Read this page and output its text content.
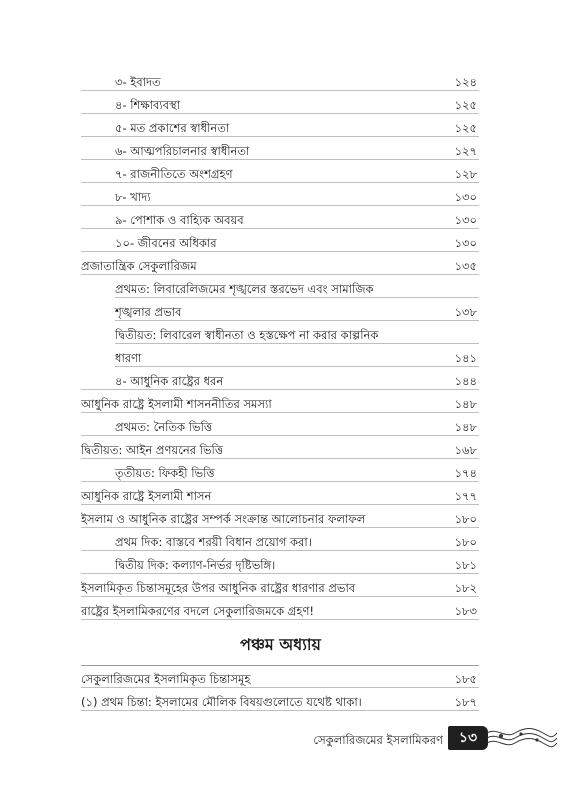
৩- ইবাদত	১২৪
৪- শিক্ষাব্যবস্থা	১২৫
৫- মত প্রকাশের স্বাধীনতা	১২৫
৬- আত্মপরিচালনার স্বাধীনতা	১২৭
৭- রাজনীতিতে অংশগ্রহণ	১২৮
৮- খাদ্য	১৩০
৯- পোশাক ও বাহ্যিক অবয়ব	১৩০
১০- জীবনের অধিকার	১৩০
প্রজাতান্ত্রিক সেকুলারিজম	১৩৫
প্রথমত: লিবারেলিজমের শৃঙ্খলের স্তরভেদ এবং সামাজিক
শৃঙ্খলার প্রভাব	১৩৮
দ্বিতীয়ত: লিবারেল স্বাধীনতা ও হস্তক্ষেপ না করার কাল্পনিক
ধারণা	১৪১
৪- আধুনিক রাষ্ট্রের ধরন	১৪৪
আধুনিক রাষ্ট্রে ইসলামী শাসননীতির সমস্যা	১৪৮
প্রথমত: নৈতিক ভিত্তি	১৪৮
দ্বিতীয়ত: আইন প্রণয়নের ভিত্তি	১৬৮
তৃতীয়ত: ফিকহী ভিত্তি	১৭৪
আধুনিক রাষ্ট্রে ইসলামী শাসন	১৭৭
ইসলাম ও আধুনিক রাষ্ট্রের সম্পর্ক সংক্রান্ত আলোচনার ফলাফল	১৮০
প্রথম দিক: বাস্তবে শরয়ী বিধান প্রয়োগ করা।	১৮০
দ্বিতীয় দিক: কল্যাণ-নির্ভর দৃষ্টিভঙ্গি।	১৮১
ইসলামিকৃত চিন্তাসমূহের উপর আধুনিক রাষ্ট্রের ধারণার প্রভাব	১৮২
রাষ্ট্রের ইসলামিকরণের বদলে সেকুলারিজমকে গ্রহণ!	১৮৩
পঞ্চম অধ্যায়
সেকুলারিজমের ইসলামিকৃত চিন্তাসমূহ	১৮৫
(১) প্রথম চিন্তা: ইসলামের মৌলিক বিষয়গুলোতে যথেষ্ট থাকা।	১৮৭
সেকুলারিজমের ইসলামিকরণ	১৩
